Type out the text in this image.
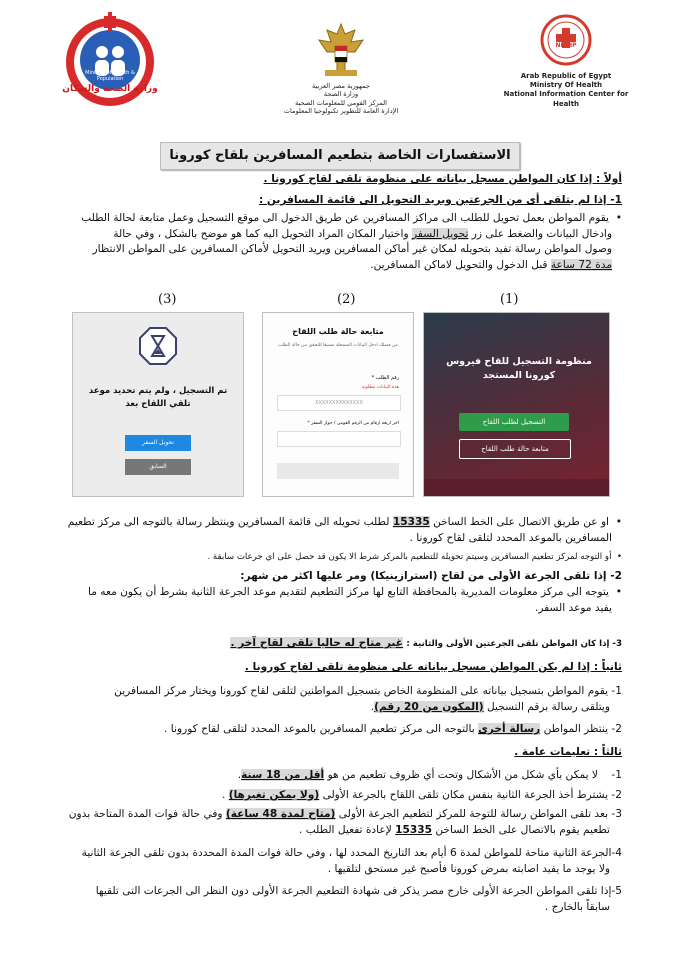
وزارة الصحة والسكان
Ministry of Health & Population
جمهورية مصر العربية
وزارة الصحة
المركز القومي للمعلومات الصحية
الإدارة العامة للتطوير تكنولوجيا المعلومات
NICHP
Arab Republic of Egypt
Ministry Of Health
National Information Center for Health
الاستفسارات الخاصة بتطعيم المسافرين بلقاح كورونا
أولاً : إذا كان المواطن مسجل بياناته على منظومة تلقى لقاح كورونا .
1- إذا لم يتلقى أى من الجرعتين ويريد التحويل الى قائمة المسافرين :
•  يقوم المواطن بعمل تحويل للطلب الى مراكز المسافرين عن طريق الدخول الى موقع التسجيل وعمل متابعة لحالة الطلب
وادخال البيانات والضغط على زر تحويل السفر واختيار المكان المراد التحويل اليه كما هو موضح بالشكل ، وفي حالة
وصول المواطن رسالة تفيد بتحويله لمكان غير أماكن المسافرين ويريد التحويل لأماكن المسافرين على المواطن الانتظار
مدة 72 ساعة قبل الدخول والتحويل لاماكن المسافرين.
(1)
(2)
(3)
منظومة التسجيل للقاح فيروس كورونا المستجد
التسجيل لطلب اللقاح
متابعة حالة طلب اللقاح
متابعة حالة طلب اللقاح
من فضلك ادخل البيانات المسجلة مسبقا للتحقق من حالة الطلب
رقم الطلب *
هذه البيانات مطلوبة
XXXXXXXXXXXXXX
اخر اربعة ارقام من الرقم القومي / جواز السفر *
تم التسجيل ، ولم يتم تحديد موعد تلقي اللقاح بعد
تحويل السفر
السابق
•  او عن طريق الاتصال على الخط الساخن 15335 لطلب تحويله الى قائمة المسافرين وينتظر رسالة بالتوجه الى مركز تطعيم
المسافرين بالموعد المحدد لتلقى لقاح كورونا .
•  أو التوجه لمركز تطعيم المسافرين وسيتم تحويله للتطعيم بالمركز شرط الا يكون قد حصل على اي جرعات سابقة .
2- إذا تلقى الجرعة الأولى من لقاح (استرازينيكا) ومر عليها اكثر من شهر:
•  يتوجه الى مركز معلومات المديرية بالمحافظة التابع لها مركز التطعيم لتقديم موعد الجرعة الثانية بشرط أن يكون معه ما
يفيد موعد السفر.
3- إذا كان المواطن تلقى الجرعتين الأولى والثانية : غير متاح له حاليا تلقى لقاح آخر .
ثانياً : إذا لم يكن المواطن مسجل بياناته على منظومة تلقى لقاح كورونا .
1- يقوم المواطن بتسجيل بياناته على المنظومة الخاص بتسجيل المواطنين لتلقى لقاح كورونا ويختار مركز المسافرين
ويتلقى رسالة برقم التسجيل (المكون من 20 رقم).
2- ينتظر المواطن رسالة أخرى بالتوجه الى مركز تطعيم المسافرين بالموعد المحدد لتلقى لقاح كورونا .
ثالثاً : تعليمات عامة .
1-    لا يمكن بأي شكل من الأشكال وتحت أي ظروف تطعيم من هو أقل من 18 سنة.
2- يشترط أخذ الجرعة الثانية بنفس مكان تلقى اللقاح بالجرعة الأولى (ولا يمكن تغيرها) .
3- بعد تلقى المواطن رسالة للتوجة للمركز لتطعيم الجرعة الأولى (متاح لمدة 48 ساعة) وفي حالة فوات المدة المتاحة بدون
تطعيم يقوم بالاتصال على الخط الساخن 15335 لإعادة تفعيل الطلب .
4-الجرعة الثانية متاحة للمواطن لمدة 6 أيام بعد التاريخ المحدد لها ، وفي حالة فوات المدة المحددة بدون تلقى الجرعة الثانية
ولا يوجد ما يفيد اصابته بمرض كورونا فأصبح غير مستحق لتلقيها .
5-إذا تلقى المواطن الجرعة الأولى خارج مصر يذكر فى شهادة التطعيم الجرعة الأولى دون النظر الى الجرعات التى تلقيها
سابقاً بالخارج .
